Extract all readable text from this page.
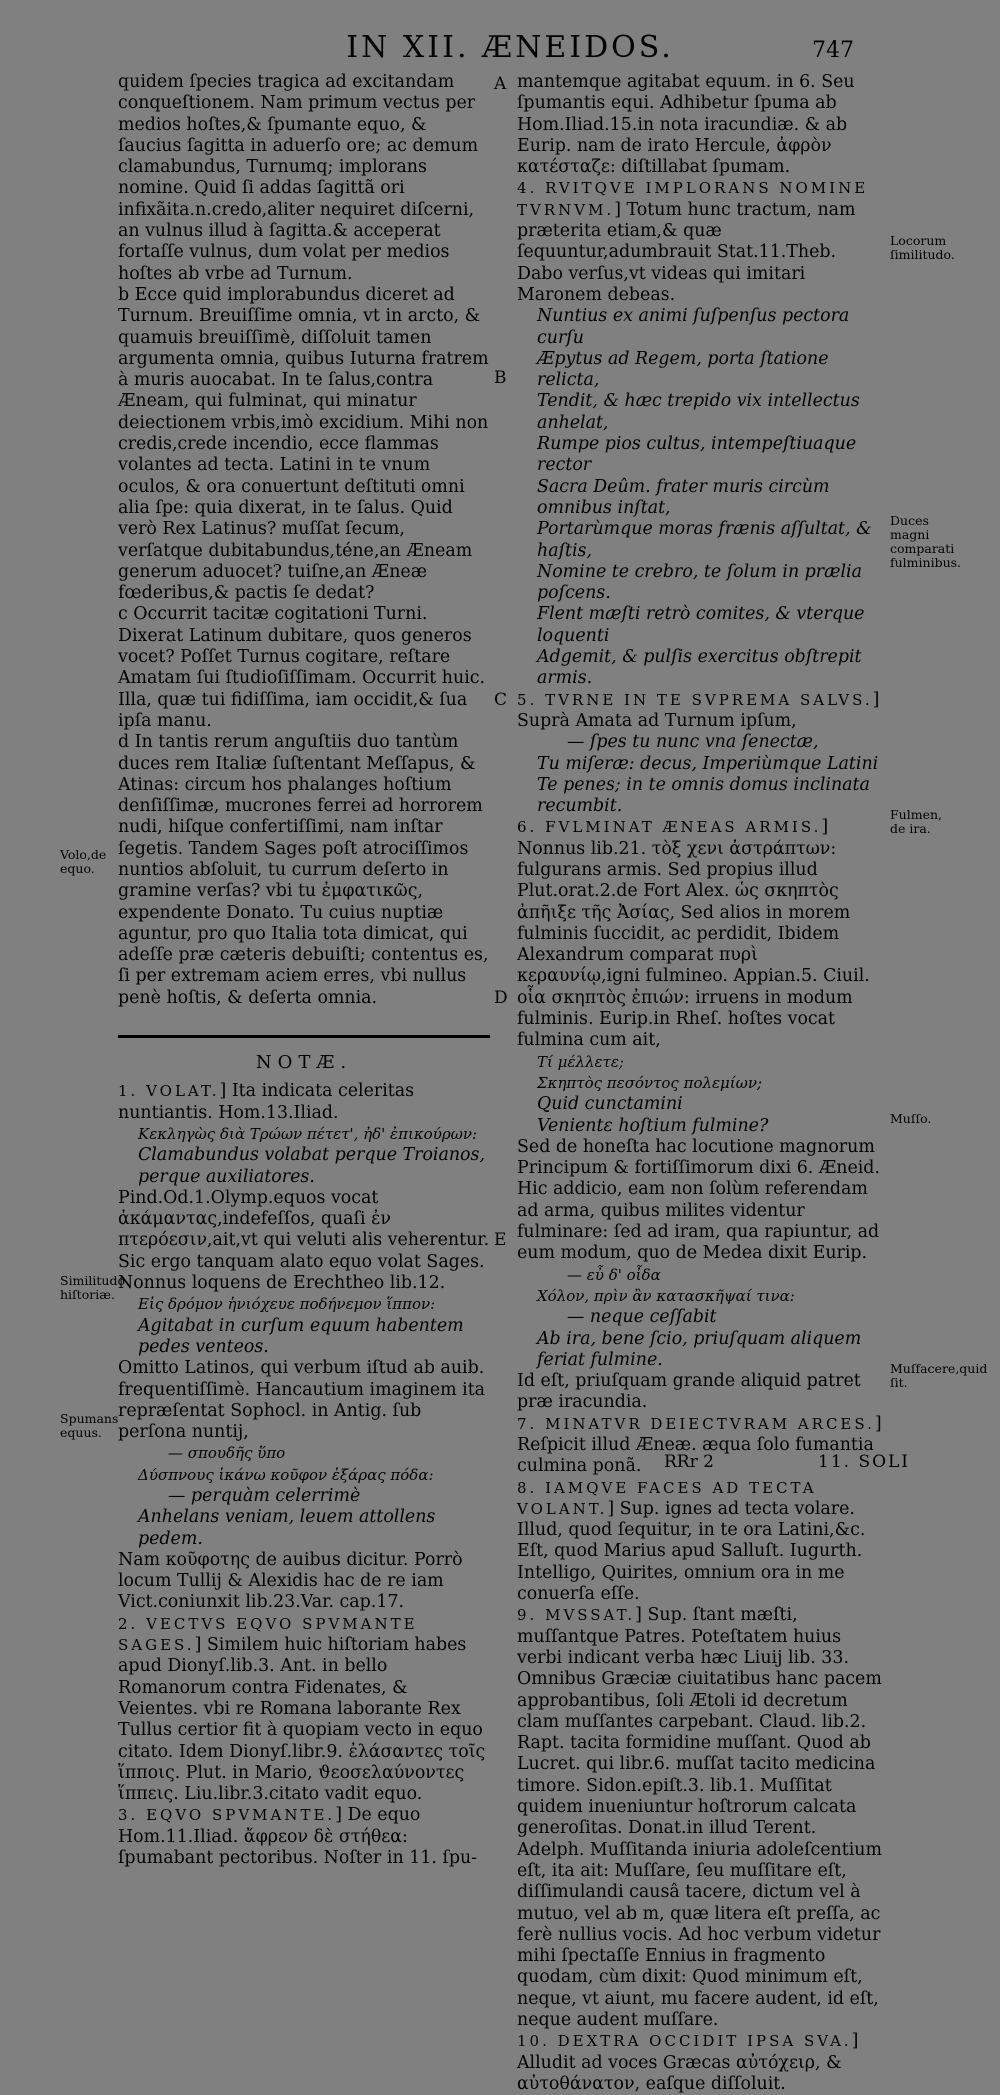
IN XII. ÆNEIDOS.	747

quidem ſpecies tragica ad excitandam conqueſtionem. Nam primum vectus per medios hoſtes,& ſpumante equo, & ſaucius ſagitta in aduerſo ore; ac demum clamabundus, Turnumq; implorans nomine. Quid ſi addas ſagittã ori infixãita.n.credo,aliter nequiret diſcerni, an vulnus illud à ſagitta.& acceperat fortaſſe vulnus, dum volat per medios hoſtes ab vrbe ad Turnum.

b Ecce quid implorabundus diceret ad Turnum. Breuiſſime omnia, vt in arcto, & quamuis breuiſſimè, diſſoluit tamen argumenta omnia, quibus Iuturna fratrem à muris auocabat. In te ſalus,contra Æneam, qui fulminat, qui minatur deiectionem vrbis,imò excidium. Mihi non credis,crede incendio, ecce flammas volantes ad tecta. Latini in te vnum oculos, & ora conuertunt deſtituti omni alia ſpe: quia dixerat, in te ſalus. Quid verò Rex Latinus? muſſat ſecum, verſatque dubitabundus,téne,an Æneam generum aduocet? tuiſne,an Æneæ fœderibus,& pactis ſe dedat?

c Occurrit tacitæ cogitationi Turni. Dixerat Latinum dubitare, quos generos vocet? Poſſet Turnus cogitare, reſtare Amatam ſui ſtudioſiſſimam. Occurrit huic. Illa, quæ tui fidiſſima, iam occidit,& ſua ipſa manu.

d In tantis rerum anguſtiis duo tantùm duces rem Italiæ ſuſtentant Meſſapus, & Atinas: circum hos phalanges hoſtium denſiſſimæ, mucrones ferrei ad horrorem nudi, hiſque confertiſſimi, nam inſtar ſegetis. Tandem Sages poſt atrociſſimos nuntios abſoluit, tu currum deſerto in gramine verſas? vbi tu ἐμφατικῶς, expendente Donato. Tu cuius nuptiæ aguntur, pro quo Italia tota dimicat, qui adeſſe præ cæteris debuiſti; contentus es, ſi per extremam aciem erres, vbi nullus penè hoſtis, & deſerta omnia.

NOTÆ.

1. VOLAT.] Ita indicata celeritas nuntiantis. Hom.13.Iliad.

Κεκληγὼς διὰ Τρώων πέτετ', ἠδ' ἐπικούρων:

Clamabundus volabat perque Troianos, perque auxiliatores.

Pind.Od.1.Olymp.equos vocat ἀκάμαντας,indefeſſos, quaſi ἐν πτερόεσιν,ait,vt qui veluti alis veherentur. Sic ergo tanquam alato equo volat Sages. Nonnus loquens de Erechtheo lib.12.

Εἰς δρόμον ἡνιόχευε ποδήνεμον ἵππον:

Agitabat in curſum equum habentem pedes venteos.

Omitto Latinos, qui verbum iſtud ab auib. frequentiſſimè. Hancautium imaginem ita repræſentat Sophocl. in Antig. ſub perſona nuntij,

— σπουδῆς ὕπο

Δύσπνους ἱκάνω κοῦφον ἐξάρας πόδα:

— perquàm celerrimè

Anhelans veniam, leuem attollens pedem.

Nam κοῦφοτης de auibus dicitur. Porrò locum Tullij & Alexidis hac de re iam Vict.coniunxit lib.23.Var. cap.17.

2. VECTVS EQVO SPVMANTE SAGES.] Similem huic hiſtoriam habes apud Dionyſ.lib.3. Ant. in bello Romanorum contra Fidenates, & Veientes. vbi re Romana laborante Rex Tullus certior fit à quopiam vecto in equo citato. Idem Dionyſ.libr.9. ἐλάσαντες τοῖς ἵπποις. Plut. in Mario, ϑεοσελαύνοντες ἵππεις. Liu.libr.3.citato vadit equo.

3. EQVO SPVMANTE.] De equo Hom.11.Iliad. ἄφρεον δὲ στήθεα: ſpumabant pectoribus. Noſter in 11. ſpu-

mantemque agitabat equum. in 6. Seu ſpumantis equi. Adhibetur ſpuma ab Hom.Iliad.15.in nota iracundiæ. & ab Eurip. nam de irato Hercule, ἀφρὸν κατέσταζε: diſtillabat ſpumam.

4. RVITQVE IMPLORANS NOMINE TVRNVM.] Totum hunc tractum, nam præterita etiam,& quæ ſequuntur,adumbrauit Stat.11.Theb. Dabo verſus,vt videas qui imitari Maronem debeas.

Nuntius ex animi ſuſpenſus pectora curſu

Æpytus ad Regem, porta ſtatione relicta,

Tendit, & hæc trepido vix intellectus anhelat,

Rumpe pios cultus, intempeſtiuaque rector

Sacra Deûm. frater muris circùm omnibus inſtat,

Portarùmque moras frænis aſſultat, & haſtis,

Nomine te crebro, te ſolum in prælia poſcens.

Flent mæſti retrò comites, & vterque loquenti

Adgemit, & pulſis exercitus obſtrepit armis.

5. TVRNE IN TE SVPREMA SALVS.] Suprà Amata ad Turnum ipſum,

— ſpes tu nunc vna ſenectæ,

Tu miſeræ: decus, Imperiùmque Latini

Te penes; in te omnis domus inclinata recumbit.

6. FVLMINAT ÆNEAS ARMIS.] Nonnus lib.21. τὸξ χενι ἀστράπτων: fulgurans armis. Sed propius illud Plut.orat.2.de Fort Alex. ὡς σκηπτὸς ἀπῆιξε τῆς Ἀσίας, Sed alios in morem fulminis ſuccidit, ac perdidit, Ibidem Alexandrum comparat πυρὶ κεραυνίῳ,igni fulmineo. Appian.5. Ciuil. οἷα σκηπτὸς ἐπιών: irruens in modum fulminis. Eurip.in Rheſ. hoſtes vocat fulmina cum ait,

Τί μέλλετε;

Σκηπτὸς πεσόντος πολεμίων;

Quid cunctamini

Venientε hoſtium fulmine?

Sed de honeſta hac locutione magnorum Principum & fortiſſimorum dixi 6. Æneid. Hic addicio, eam non ſolùm referendam ad arma, quibus milites videntur fulminare: ſed ad iram, qua rapiuntur, ad eum modum, quo de Medea dixit Eurip.

— εὖ δ' οἶδα

Χόλον, πρὶν ἂν κατασκῆψαί τινα:

— neque ceſſabit

Ab ira, bene ſcio, priuſquam aliquem feriat fulmine.

Id eſt, priuſquam grande aliquid patret præ iracundia.

7. MINATVR DEIECTVRAM ARCES.] Reſpicit illud Æneæ. æqua ſolo fumantia culmina ponã.

8. IAMQVE FACES AD TECTA VOLANT.] Sup. ignes ad tecta volare. Illud, quod ſequitur, in te ora Latini,&c. Eſt, quod Marius apud Salluſt. Iugurth. Intelligo, Quirites, omnium ora in me conuerſa eſſe.

9. MVSSAT.] Sup. ſtant mæſti, muſſantque Patres. Poteſtatem huius verbi indicant verba hæc Liuij lib. 33. Omnibus Græciæ ciuitatibus hanc pacem approbantibus, ſoli Ætoli id decretum clam muſſantes carpebant. Claud. lib.2. Rapt. tacita formidine muſſant. Quod ab Lucret. qui libr.6. muſſat tacito medicina timore. Sidon.epiſt.3. lib.1. Muſſitat quidem inueniuntur hoſtrorum calcata generoſitas. Donat.in illud Terent. Adelph. Muſſitanda iniuria adoleſcentium eſt, ita ait: Muſſare, ſeu muſſitare eſt, diſſimulandi causâ tacere, dictum vel à mutuo, vel ab m, quæ litera eſt preſſa, ac ferè nullius vocis. Ad hoc verbum videtur mihi ſpectaſſe Ennius in fragmento quodam, cùm dixit: Quod minimum eſt, neque, vt aiunt, mu facere audent, id eſt, neque audent muſſare.

10. DEXTRA OCCIDIT IPSA SVA.] Alludit ad voces Græcas αὐτόχειρ, & αὐτοθάνατον, eaſque diſſoluit.

A
B
C
D
E
Volo,de equo.
Similitudo hiſtoriæ.
Spumans equus.
Locorum ſimilitudo.
Duces magni comparati fulminibus.
Fulmen, de ira.
Muſſo.
Muſfacere,quid ſit.
RRr 2	11. SOLI
